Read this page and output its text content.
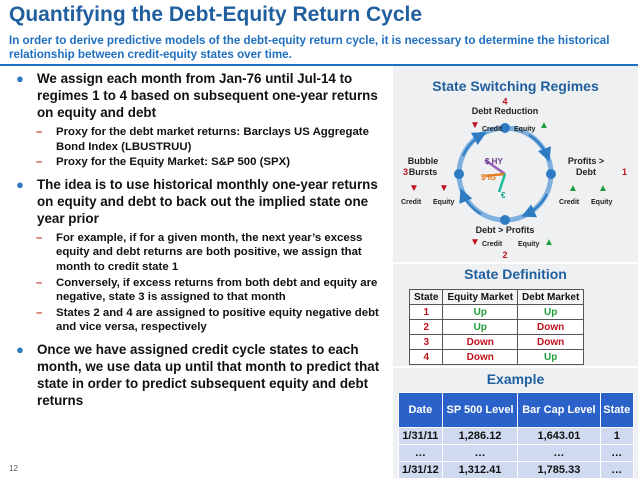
Quantifying the Debt-Equity Return Cycle
In order to derive predictive models of the debt-equity return cycle, it is necessary to determine the historical relationship between credit-equity states over time.
● We assign each month from Jan-76 until Jul-14 to regimes 1 to 4 based on subsequent one-year returns on equity and debt
– Proxy for the debt market returns: Barclays US Aggregate Bond Index (LBUSTRUU)
– Proxy for the Equity Market: S&P 500 (SPX)
● The idea is to use historical monthly one-year returns on equity and debt to back out the implied state one year prior
– For example, if for a given month, the next year’s excess equity and debt returns are both positive, we assign that month to credit state 1
– Conversely, if excess returns from both debt and equity are negative, state 3 is assigned to that month
– States 2 and 4 are assigned to positive equity negative debt and vice versa, respectively
● Once we have assigned credit cycle states to each month, we use data up until that month to predict that state in order to predict subsequent equity and debt returns
12
State Switching Regimes
$ HY
$ IG
€
4
Debt Reduction
▼ Credit Equity ▲
Profits >
Debt	1
▲ ▲
Credit Equity
Debt > Profits
▼ Credit Equity ▲
2
Bubble
Bursts
3
▼ ▼
Credit Equity
State Definition
State	Equity Market	Debt Market
1	Up	Up
2	Up	Down
3	Down	Down
4	Down	Up
Example
Date	SP 500 Level	Bar Cap Level	State
1/31/11	1,286.12	1,643.01	1
…	…	…	…
1/31/12	1,312.41	1,785.33	…
